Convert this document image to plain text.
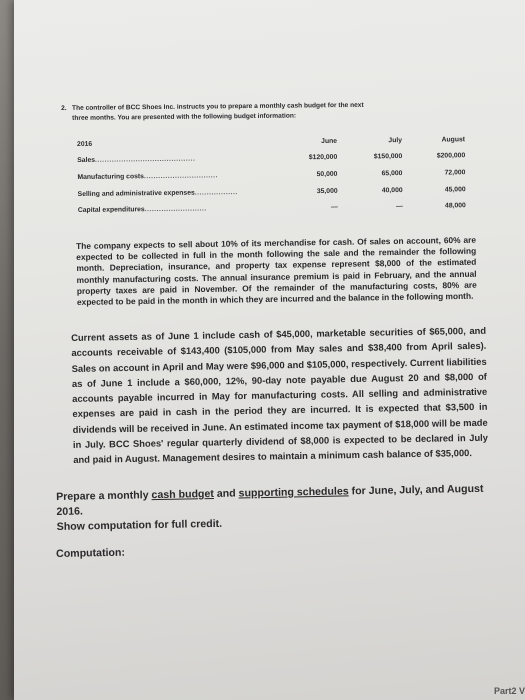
2. The controller of BCC Shoes Inc. instructs you to prepare a monthly cash budget for the next
three months. You are presented with the following budget information:
2016	June	July	August
Sales..........................................	$120,000	$150,000	$200,000
Manufacturing costs...............................	50,000	65,000	72,000
Selling and administrative expenses..................	35,000	40,000	45,000
Capital expenditures..........................	—	—	48,000
The company expects to sell about 10% of its merchandise for cash. Of sales on account, 60% are expected to be collected in full in the month following the sale and the remainder the following month. Depreciation, insurance, and property tax expense represent $8,000 of the estimated monthly manufacturing costs. The annual insurance premium is paid in February, and the annual property taxes are paid in November. Of the remainder of the manufacturing costs, 80% are expected to be paid in the month in which they are incurred and the balance in the following month.
Current assets as of June 1 include cash of $45,000, marketable securities of $65,000, and accounts receivable of $143,400 ($105,000 from May sales and $38,400 from April sales). Sales on account in April and May were $96,000 and $105,000, respectively. Current liabilities as of June 1 include a $60,000, 12%, 90-day note payable due August 20 and $8,000 of accounts payable incurred in May for manufacturing costs. All selling and administrative expenses are paid in cash in the period they are incurred. It is expected that $3,500 in dividends will be received in June. An estimated income tax payment of $18,000 will be made in July. BCC Shoes' regular quarterly dividend of $8,000 is expected to be declared in July and paid in August. Management desires to maintain a minimum cash balance of $35,000.
Prepare a monthly cash budget and supporting schedules for June, July, and August 2016.
Show computation for full credit.
Computation:
Part2 V
